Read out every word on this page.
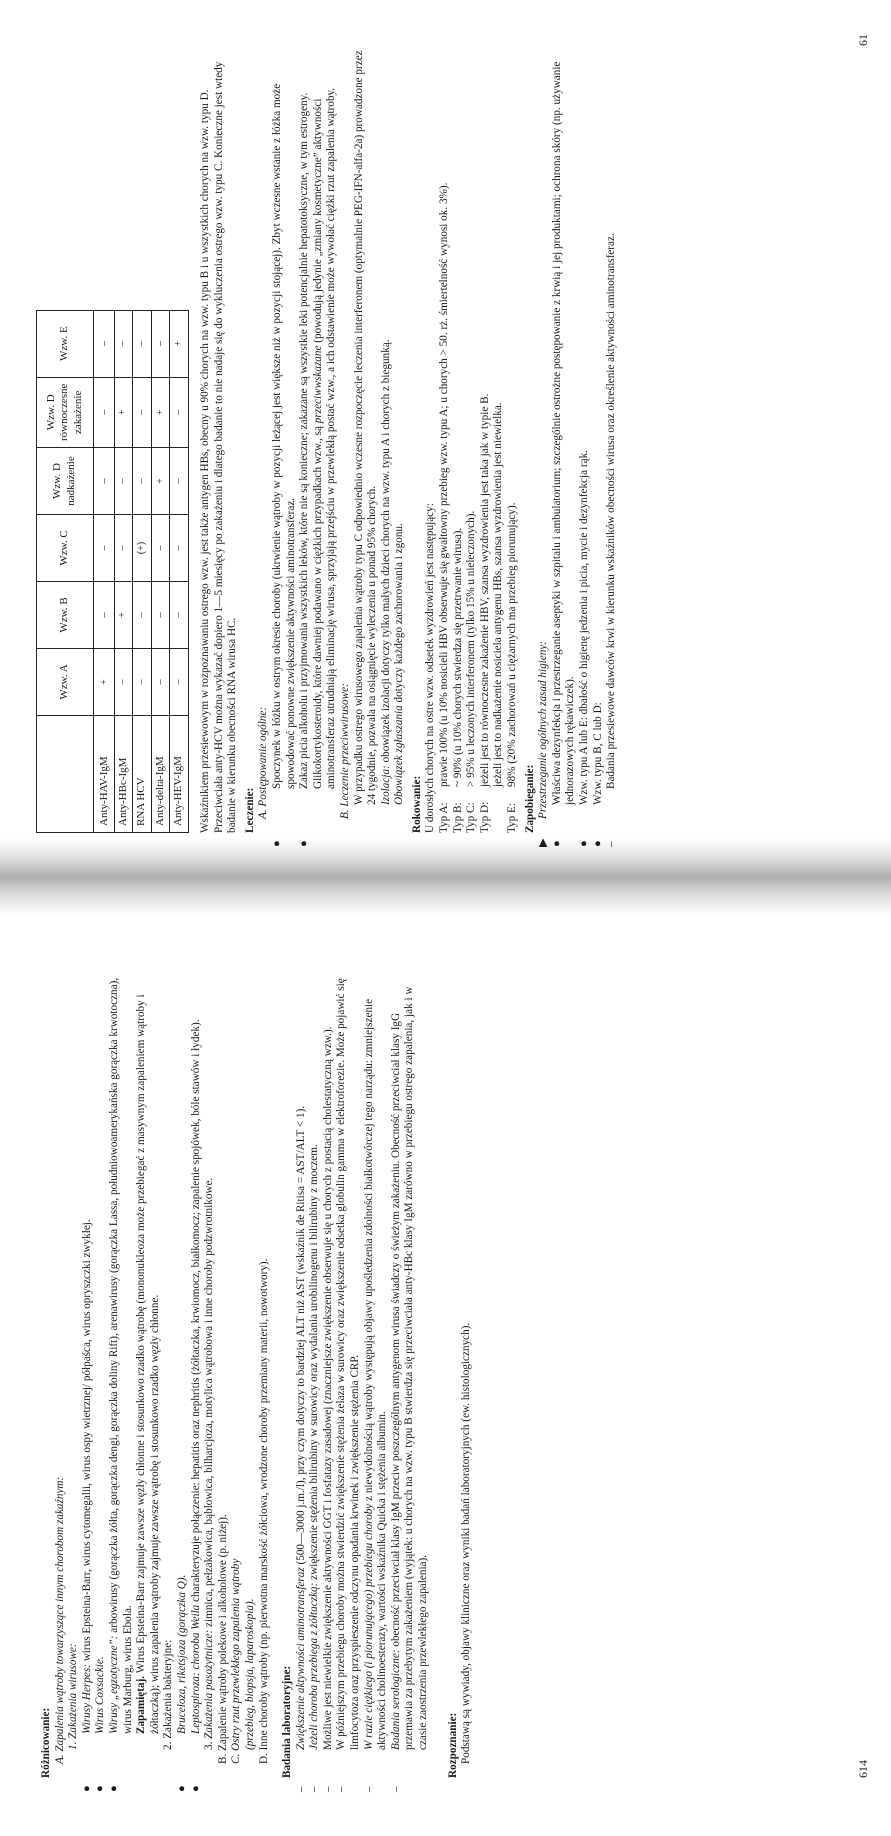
Różnicowanie: A. Zapalenia wątroby towarzyszące innym chorobom zakaźnym: 1. Zakażenia wirusowe:

●
Wirusy Herpes: wirus Epsteina-Barr, wirus cytomegalii, wirus ospy wietrznej/ półpaśca, wirus opryszczki zwykłej.
●
Wirus Coxsackie.
●
Wirusy „egzotyczne”: arbowirusy (gorączka żółta, gorączka dengi, gorączka doliny Rift), arenawirusy (gorączka Lassa, południowoamerykańska gorączka krwotoczna), wirus Marburg, wirus Ebola. Zapamiętaj. Wirus Epsteina-Barr zajmuje zawsze węzły chłonne i stosunkowo rzadko wątrobę (mononukleoza może przebiegać z masywnym zapaleniem wątroby i żółtaczką); wirus zapalenia wątroby zajmuje zawsze wątrobę i stosunkowo rzadko węzły chłonne. 2. Zakażenia bakteryjne:

●
Bruceloza, riketsjoza (gorączka Q).
●
Leptospiroza: choroba Weila charakteryzuje połączenie: hepatitis oraz nephritis (żółtaczka, krwiomocz, białkomocz; zapalenie spojówek, bóle stawów i łydek).

3. Zakażenia pasożytnicze: zimnica, pełzakowica, bąblowica, bilharcjoza, motylica wątrobowa i inne choroby podzwrotnikowe.

B. Zapalenie wątroby polekowe i alkoholowe (p. niżej). C. Ostry rzut przewlekłego zapalenia wątroby (przebieg, biopsja, laparoskopia). D. Inne choroby wątroby (np. pierwotna marskość żółciowa, wrodzone choroby przemiany materii, nowotwory). Badania laboratoryjne:

–
Zwiększenie aktywności aminotransferaz (500—3000 j.m./l), przy czym dotyczy to bardziej ALT niż AST (wskaźnik de Ritisa = AST/ALT < 1).
–
Jeżeli choroba przebiega z żółtaczką: zwiększenie stężenia bilirubiny w surowicy oraz wydalania urobilinogenu i bilirubiny z moczem.
–
Możliwe jest niewielkie zwiększenie aktywności GGT i fosfatazy zasadowej (znaczniejsze zwiększenie obserwuje się u chorych z postacią cholestatyczną wzw.).
–
W późniejszym przebiegu choroby można stwierdzić zwiększenie stężenia żelaza w surowicy oraz zwiększenie odsetka globulin gamma w elektroforezie. Może pojawić się limfocytoza oraz przyspieszenie odczynu opadania krwinek i zwiększenie stężenia CRP.
–
W razie ciężkiego (i piorunującego) przebiegu choroby z niewydolnością wątroby występują objawy upośledzenia zdolności białkotwórczej tego narządu: zmniejszenie aktywności cholinoesterazy, wartości wskaźnika Quicka i stężenia albumin.
–
Badania serologiczne: obecność przeciwciał klasy IgM przeciw poszczególnym antygenom wirusa świadczy o świeżym zakażeniu. Obecność przeciwciał klasy IgG przemawia za przebytym zakażeniem (wyjątek: u chorych na wzw. typu B stwierdza się przeciwciała anty-HBc klasy IgM zarówno w przebiegu ostrego zapalenia, jak i w czasie zaostrzenia przewlekłego zapalenia). Rozpoznanie: Podstawą są wywiady, objawy kliniczne oraz wyniki badań laboratoryjnych (ew. histologicznych).

614
	Wzw. A	Wzw. B	Wzw. C	Wzw. D nadkażenie	Wzw. D równoczesne zakażenie	Wzw. E
Anty-HAV-IgM	+	–	–	–	–	–
Anty-HBc-IgM	–	+	–	–	+	–
RNA HCV	–	–	(+)	–	–	–
Anty-delta-IgM	–	–	–	+	+	–
Anty-HEV-IgM	–	–	–	–	–	+ Wskaźnikiem przesiewowym w rozpoznawaniu ostrego wzw. jest także antygen HBs, obecny u 90% chorych na wzw. typu B i u wszystkich chorych na wzw. typu D. Przeciwciała anty-HCV można wykazać dopiero 1—5 miesięcy po zakażeniu i dlatego badanie to nie nadaje się do wykluczenia ostrego wzw. typu C. Konieczne jest wtedy badanie w kierunku obecności RNA wirusa HC. Leczenie: A. Postępowanie ogólne:

●
Spoczynek w łóżku w ostrym okresie choroby (ukrwienie wątroby w pozycji leżącej jest większe niż w pozycji stojącej). Zbyt wczesne wstanie z łóżka może spowodować ponowne zwiększenie aktywności aminotransferaz.
●
Zakaz picia alkoholu i przyjmowania wszystkich leków, które nie są konieczne; zakazane są wszystkie leki potencjalnie hepatotoksyczne, w tym estrogeny. Glikokortykosteroidy, które dawniej podawano w ciężkich przypadkach wzw., są przeciwwskazane (powodują jedynie „zmiany kosmetyczne” aktywności aminotransferaz utrudniają eliminację wirusa, sprzyjają przejściu w przewlekłą postać wzw., a ich odstawienie może wywołać ciężki rzut zapalenia wątroby. B. Leczenie przeciwwirusowe: W przypadku ostrego wirusowego zapalenia wątroby typu C odpowiednio wczesne rozpoczęcie leczenia interferonem (optymalnie PEG-IFN-alfa-2a) prowadzone przez 24 tygodnie, pozwala na osiągnięcie wyleczenia u ponad 95% chorych. Izolacja: obowiązek izolacji dotyczy tylko małych dzieci chorych na wzw. typu A i chorych z biegunką. Obowiązek zgłaszania dotyczy każdego zachorowania i zgonu.

Rokowanie: U dorosłych chorych na ostre wzw. odsetek wyzdrowień jest następujący: Typ A:prawie 100% (u 10% nosicieli HBV obserwuje się gwałtowny przebieg wzw. typu A; u chorych > 50. rż. śmiertelność wynosi ok. 3%).

Typ B:~ 90% (u 10% chorych stwierdza się przetrwanie wirusa).

Typ C:> 95% u leczonych interferonem (tylko 15% u nieleczonych).

Typ D:jeżeli jest to równoczesne zakażenie HBV, szansa wyzdrowienia jest taka jak w typie B. jeżeli jest to nadkażenie nosiciela antygenu HBs, szansa wyzdrowienia jest niewielka.

Typ E:98% (20% zachorowań u ciężarnych ma przebieg piorunujący).

Zapobieganie:

▶
Przestrzeganie ogólnych zasad higieny:
●
Właściwa dezynfekcja i przestrzeganie aseptyki w szpitalu i ambulatorium; szczególnie ostrożne postępowanie z krwią i jej produktami; ochrona skóry (np. używanie jednorazowych rękawiczek).
●
Wzw. typu A lub E: dbałość o higienę jedzenia i picia, mycie i dezynfekcja rąk.
●
Wzw. typu B, C lub D:
–
Badania przesiewowe dawców krwi w kierunku wskaźników obecności wirusa oraz określenie aktywności aminotransferaz.
61
